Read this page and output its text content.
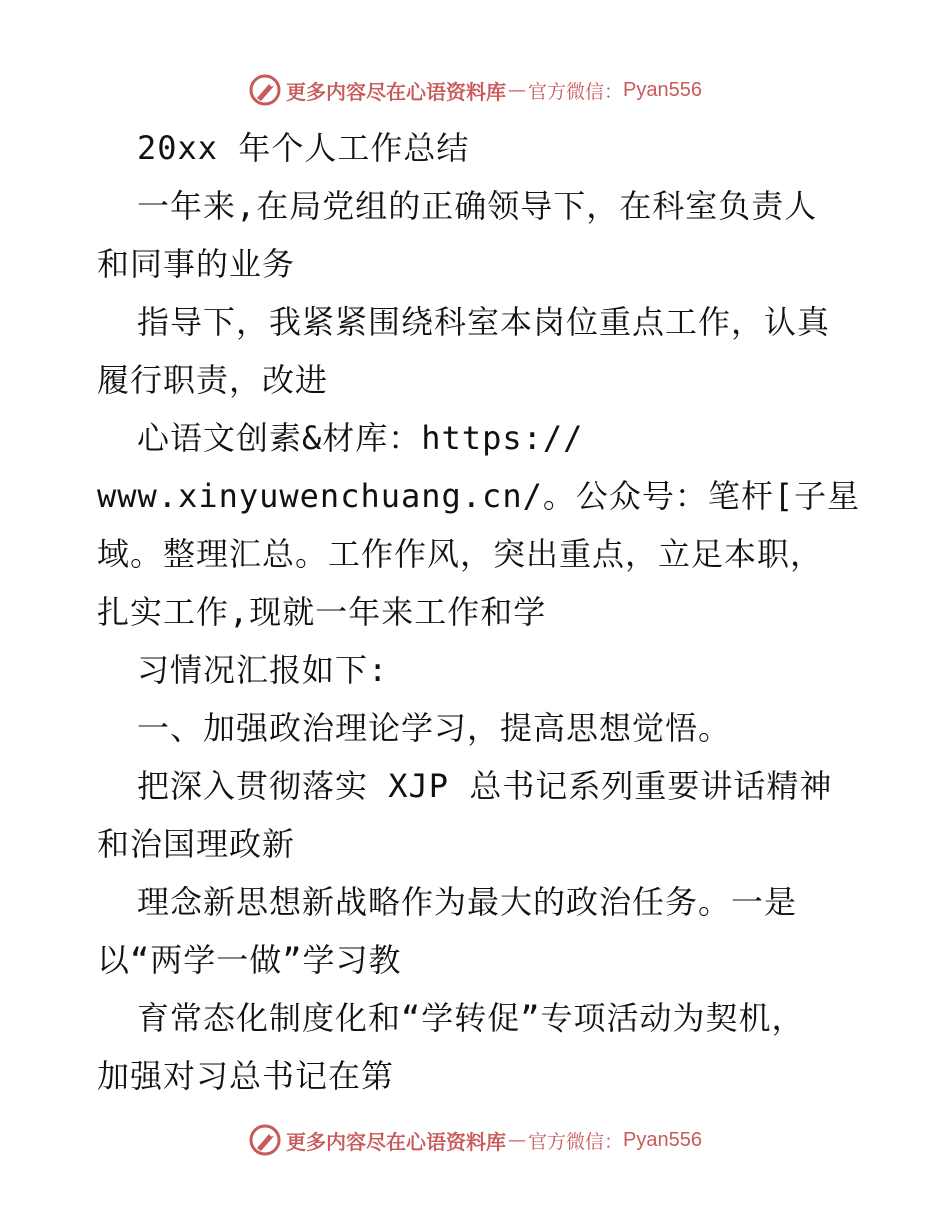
更多内容尽在心语资料库 — 官方微信： Pyan556
20xx 年个人工作总结
一年来,在局党组的正确领导下，在科室负责人
和同事的业务
指导下，我紧紧围绕科室本岗位重点工作，认真
履行职责，改进
心语文创素&材库：https://
www.xinyuwenchuang.cn/。公众号：笔杆[子星
域。整理汇总。工作作风，突出重点，立足本职，
扎实工作,现就一年来工作和学
习情况汇报如下:
一、加强政治理论学习，提高思想觉悟。
把深入贯彻落实 XJP 总书记系列重要讲话精神
和治国理政新
理念新思想新战略作为最大的政治任务。一是
以“两学一做”学习教
育常态化制度化和“学转促”专项活动为契机，
加强对习总书记在第
更多内容尽在心语资料库 — 官方微信： Pyan556
